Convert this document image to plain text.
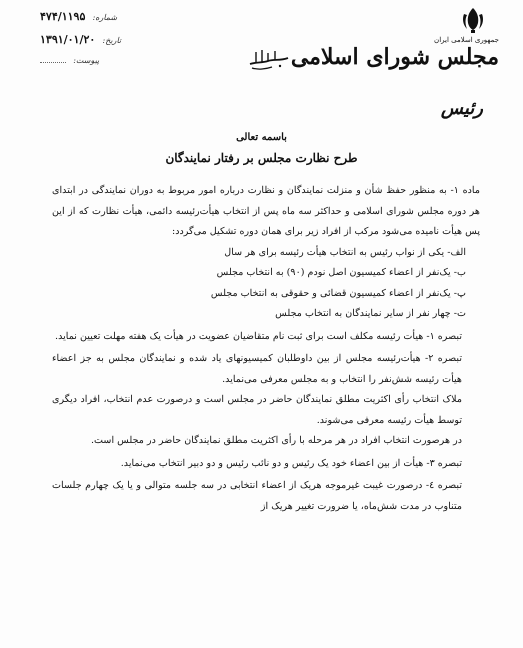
شماره: ۴۷۴/۱۱۹۵
تاریخ: ۱۳۹۱/۰۱/۲۰
پیوست:
جمهوری اسلامی ایران
مجلس شورای اسلامی
رئیس
باسمه تعالی
طرح نظارت مجلس بر رفتار نمایندگان

ماده ۱- به منظور حفظ شأن و منزلت نمایندگان و نظارت درباره امور مربوط به دوران نمایندگی در ابتدای هر دوره مجلس شورای اسلامی و حداکثر سه ماه پس از انتخاب هیأت‌رئیسه دائمی، هیأت نظارت که از این پس هیأت نامیده می‌شود مرکب از افراد زیر برای همان دوره تشکیل می‌گردد:

الف- یکی از نواب رئیس به انتخاب هیأت رئیسه برای هر سال

ب- یک‌نفر از اعضاء کمیسیون اصل نودم (۹۰) به انتخاب مجلس

پ- یک‌نفر از اعضاء کمیسیون قضائی و حقوقی به انتخاب مجلس

ت- چهار نفر از سایر نمایندگان به انتخاب مجلس

تبصره ۱- هیأت رئیسه مکلف است برای ثبت نام متقاضیان عضویت در هیأت یک هفته مهلت تعیین نماید.

تبصره ۲- هیأت‌رئیسه مجلس از بین داوطلبان کمیسیونهای یاد شده و نمایندگان مجلس به جز اعضاء هیأت رئیسه شش‌نفر را انتخاب و به مجلس معرفی می‌نماید.

ملاک انتخاب رأی اکثریت مطلق نمایندگان حاضر در مجلس است و درصورت عدم انتخاب، افراد دیگری توسط هیأت رئیسه معرفی می‌شوند.

در هرصورت انتخاب افراد در هر مرحله با رأی اکثریت مطلق نمایندگان حاضر در مجلس است.

تبصره ۳- هیأت از بین اعضاء خود یک رئیس و دو نائب رئیس و دو دبیر انتخاب می‌نماید.

تبصره ٤- درصورت غیبت غیرموجه هریک از اعضاء انتخابی در سه جلسه متوالی و یا یک چهارم جلسات متناوب در مدت شش‌ماه، یا ضرورت تغییر هریک از
